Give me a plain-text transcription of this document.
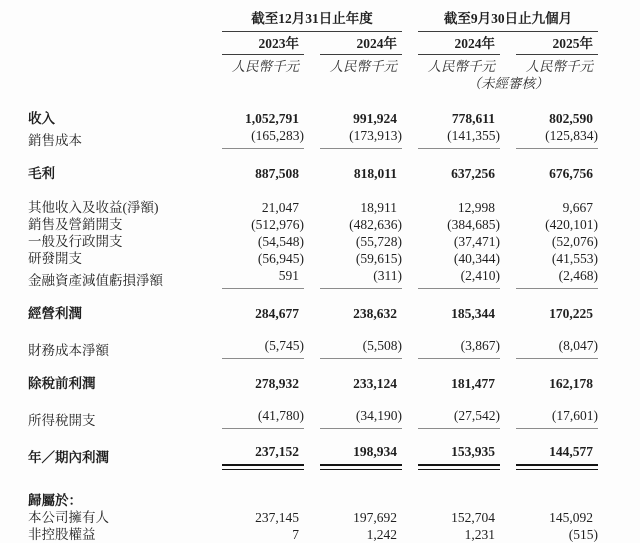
截至12月31日止年度	截至9月30日止九個月
2023年	2024年	2024年	2025年
人民幣千元	人民幣千元	人民幣千元	人民幣千元
（未經審核）
收入	1,052,791	991,924	778,611	802,590
銷售成本	(165,283)	(173,913)	(141,355)	(125,834)
毛利	887,508	818,011	637,256	676,756
其他收入及收益(淨額)	21,047	18,911	12,998	9,667
銷售及營銷開支	(512,976)	(482,636)	(384,685)	(420,101)
一般及行政開支	(54,548)	(55,728)	(37,471)	(52,076)
研發開支	(56,945)	(59,615)	(40,344)	(41,553)
金融資產減值虧損淨額	591	(311)	(2,410)	(2,468)
經營利潤	284,677	238,632	185,344	170,225
財務成本淨額	(5,745)	(5,508)	(3,867)	(8,047)
除稅前利潤	278,932	233,124	181,477	162,178
所得稅開支	(41,780)	(34,190)	(27,542)	(17,601)
年／期內利潤	237,152	198,934	153,935	144,577
歸屬於：
本公司擁有人	237,145	197,692	152,704	145,092
非控股權益	7	1,242	1,231	(515)
